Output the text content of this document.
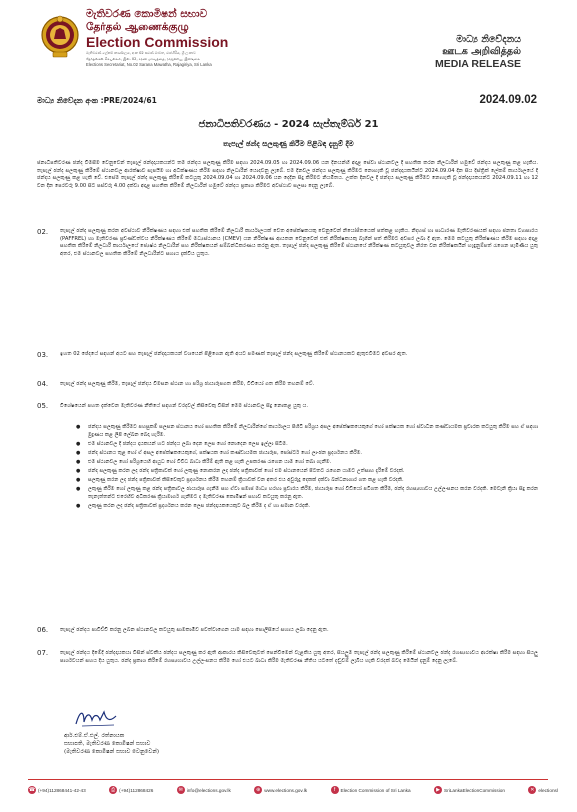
මැතිවරණ කොමිෂන් සභාව
தேர்தல் ஆணைக்குழு
Election Commission
මැතිවරණ ලේකම් කාර්යාලය, අංක 02 සරණ මාවත, රාජගිරිය, ශ්‍රී ලංකාව
தேர்தல்கள் செயலகம், இல. 02, சரண மாவத்தை, ராஜகிரிய, இலங்கை
Elections Secretariat, No.02 Sarana Mawatha, Rajagiriya, Sri Lanka
මාධ්‍ය නිවේදනය
ஊடக அறிவித்தல்
MEDIA RELEASE
මාධ්‍ය නිවේදන අංක :PRE/2024/61	2024.09.02
ජනාධිපතිවරණය - 2024 සැප්තැම්බර් 21
තැපැල් ඡන්ද සලකුණු කිරීම පිළිබඳ දැනුම් දීම
ජනාධිපතිවරණ ඡන්ද විමසීම වෙනුවෙන් තැපැල් ඡන්දදායකයන්ට තම ඡන්දය සලකුණු කිරීම සඳහා 2024.09.05 හා 2024.09.06 යන දිනයන්හි අදාළ සේවා ස්ථානවල දී සහතික කරන නිලධාරීන් හමුවේ ඡන්දය සලකුණු කළ හැකිය. තැපැල් ඡන්ද සලකුණු කිරීමේ ස්ථානවල ආරක්ෂාව සැපයීම හා අධීක්ෂණය කිරීම සඳහා නිලධාරීන් යොදවනු ලැබේ. එම දිනවල ඡන්දය සලකුණු කිරීමට නොහැකි වූ ඡන්දදායකයින්ට 2024.09.04 දින සිය දිස්ත්‍රික් ලේකම් කාර්යාලයේ දී ඡන්දය සලකුණු කළ හැකි වේ. එසේම තැපැල් ඡන්ද සලකුණු කිරීමේ කටයුතු 2024.09.04 හා 2024.09.06 යන දෙදින සිදු කිරීමට නියමිතය. උක්ත දිනවල දී ඡන්දය සලකුණු කිරීමට නොහැකි වූ ඡන්දදායකයන්ට 2024.09.11 හා 12 වන දින පෙරවරු 9.00 සිට පස්වරු 4.00 දක්වා අදාළ සහතික කිරීමේ නිලධාරීන් හමුවේ ඡන්දය ප්‍රකාශ කිරීමට අවස්ථාව සලසා දෙනු ලැබේ.
02. තැපැල් ඡන්ද සලකුණු කරන අවස්ථාව නිරීක්ෂණය සඳහා එක් සහතික කිරීමේ නිලධාරී කාර්යාලයක් වෙත අපේක්ෂකයකු වෙනුවෙන් නියෝජිතයෙක් පත්කළ හැකිය. නිදහස් හා සාධාරණ මැතිවරණයක් සඳහා ජනතා ව්‍යාපාරය (PAFFREL) හා මැතිවරණ ප්‍රචණ්ඩත්වය නිරීක්ෂණය කිරීමේ මධ්‍යස්ථානය (CMEV) යන නිරීක්ෂණ ආයතන වෙනුවෙන් එක් නිරීක්ෂකයකු බැගින් පත් කිරීමට අවසර ලබා දී ඇත. මෙම කටයුතු නිරීක්ෂණය කිරීම සඳහා අදාළ සහතික කිරීමේ නිලධාරී කාර්යාලයේ ජ්‍යෙෂ්ඨ නිලධාරීන් සහ නිරීක්ෂකයන් සම්බන්ධීකරණය කරනු ඇත. තැපැල් ඡන්ද සලකුණු කිරීමේ ස්ථානයේ නිරීක්ෂණ කටයුතුවල නිරත වන නිරීක්ෂකයින් හැඳුනුම්පත් රැගෙන පැමිණිය යුතු අතර, එම ස්ථානවල සහතික කිරීමේ නිලධාරීන්ට සහාය දැක්විය යුතුය.
03. ඉහත 02 ඡේදයේ සඳහන් අයට සහ තැපැල් ඡන්දදායකයන් වශයෙන් පිළිගෙන ඇති අයට පමණක් තැපැල් ඡන්ද සලකුණු කිරීමේ ස්ථානයකට ඇතුළුවීමට අවසර ඇත.
04. තැපැල් ඡන්ද සලකුණු කිරීම, තැපැල් ඡන්දය විමසන ස්ථාන හා පරිශ්‍ර ඡායාරූපගත කිරීම, වීඩියෝ ගත කිරීම තහනම් වේ.
05. විශේෂයෙන් පහත දැක්වෙන මැතිවරණ නීතියේ සඳහන් වරදවල් කිසිවෙකු විසින් මෙම ස්ථානවල සිදු නොකළ යුතු ය.
● ඡන්දය සලකුණු කිරීමට පහසුකම් සලසන ස්ථානය හෝ සහතික කිරීමේ නිලධාරීන්ගේ කාර්යාලය පිහිටි පරිශ්‍රය අසල අපේක්ෂකයෙකුගේ හෝ පක්ෂයක හෝ ස්වාධීන කණ්ඩායමක ප්‍රචාරක කටයුතු කිරීම සහ ඒ සඳහා මුද්‍රණය කළ ලිපි ලේඛන බෙදා හැරීම.
● එම ස්ථානවල දී ඡන්දය දායකයන් හට ඡන්දය ලබා දෙන ලෙස හෝ නොදෙන ලෙස ඉල්ලා සිටීම.
● ඡන්ද ස්ථානය තුළ හෝ ඒ අසල අපේක්ෂකයෙකුගේ, පක්ෂයක හෝ කණ්ඩායමක ඡායාරූප, පෝස්ටර් හෝ ලාංඡන ප්‍රදර්ශනය කිරීම.
● එම ස්ථානවල හෝ පරිශ්‍රයෙහි ආයුධ හෝ විවිධ බාධා කිරීම් ඇති කළ හැකි උපකරණ රැගෙන යාම හෝ තබා ගැනීම.
● ඡන්ද සලකුණු කරන ලද ඡන්ද පත්‍රිකාවක් හෝ ලකුණු නොකරන ලද ඡන්ද පත්‍රිකාවක් හෝ එම ස්ථානයෙන් පිටතට රැගෙන යාමට උත්සාහ දැරීමේ වරදක්.
● සලකුණු කරන ලද ඡන්ද පත්‍රිකාවක් කිසිවෙකුට ප්‍රදර්ශනය කිරීම තහනම් ක්‍රියාවක් වන අතර එය අවුරුදු දෙකක් දක්වා බන්ධනාගාර ගත කළ හැකි වරදකි.
● ලකුණු කිරීම හෝ ලකුණු කළ ඡන්ද පත්‍රිකාවල ඡායාරූප ගැනීම සහ ඒවා සමාජ මාධ්‍ය හරහා ප්‍රචාරය කිරීම, ඡායාරූප හෝ වීඩියෝ පටිගත කිරීම, ඡන්ද රහස්‍යභාවය උල්ලංඝනය කරන වරදකි. මෙවැනි ක්‍රියා සිදු කරන තැනැත්තන්ට එරෙහිව අධිකරණ ක්‍රියාමාර්ග ගැනීමට ද මැතිවරණ කොමිෂන් සභාව කටයුතු කරනු ඇත.
● ලකුණු කරන ලද ඡන්ද පත්‍රිකාවක් ප්‍රදර්ශනය කරන ලෙස ඡන්දදායකයෙකුට බල කිරීම ද ඒ හා සමාන වරදකි.
06. තැපැල් ඡන්දය පාවිච්චි කරනු ලබන ස්ථානවල කටයුතු සාමකාමීව පවත්වාගෙන යාම සඳහා පොලිසියේ සහාය ලබා දෙනු ඇත.
07. තැපැල් ඡන්දය දීමේදී ඡන්දදායකයා විසින් ස්වකීය ඡන්දය සලකුණු කර ඇති ආකාරය කිසිවෙකුටත් පෙන්වීමෙන් වැළකිය යුතු අතර, සියලුම තැපැල් ඡන්ද සලකුණු කිරීමේ ස්ථානවල ඡන්ද රහස්‍යභාවය ආරක්ෂා කිරීම සඳහා සියලු පාර්ශවයන් සහය දිය යුතුය. ඡන්ද ප්‍රකාශ කිරීමේ රහස්‍යභාවය උල්ලංඝනය කිරීම හෝ එයට බාධා කිරීම මැතිවරණ නීතිය යටතේ දඬුවම් ලැබිය හැකි වරදක් බවද මෙයින් දැනුම් දෙනු ලැබේ.
ආර්.එම්.ඒ.එල්. රත්නායක
සභාපති, මැතිවරණ කොමිෂන් සභාව
(මැතිවරණ කොමිෂන් සභාව වෙනුවෙන්)
☎ (+94)112868441-42-43	⎙ (+94)112868426	✉ info@elections.gov.lk	⊕ www.elections.gov.lk	f	Election Commission of Sri Lanka	▶ SriLankaElectionCommission	✕ electionsl
